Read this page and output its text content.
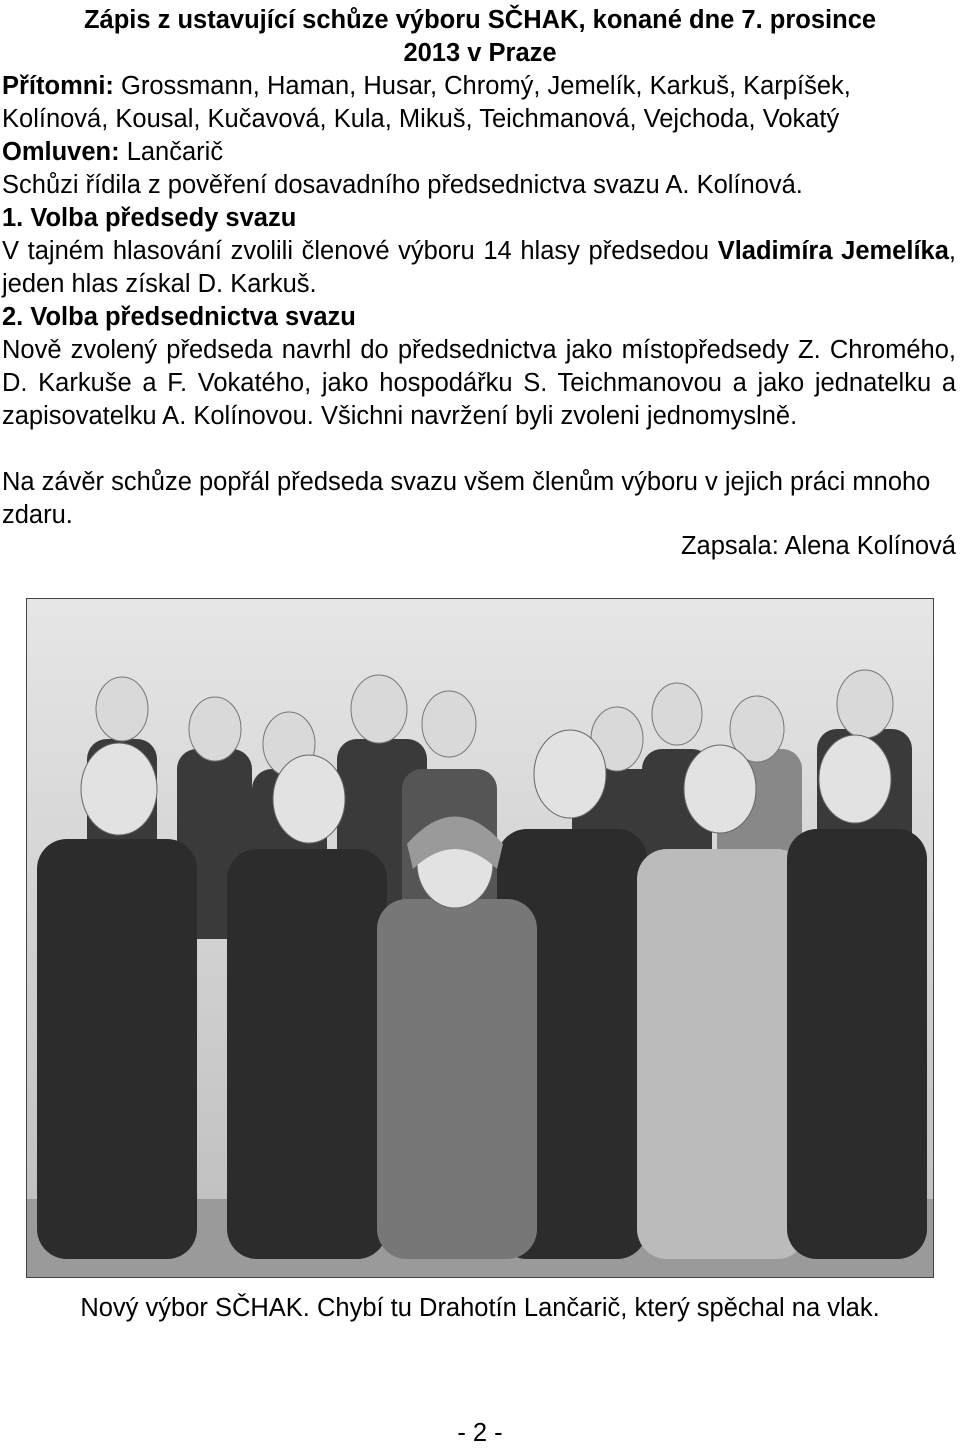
Zápis z ustavující schůze výboru SČHAK, konané dne 7. prosince
2013 v Praze
Přítomni: Grossmann, Haman, Husar, Chromý, Jemelík, Karkuš, Karpíšek, Kolínová, Kousal, Kučavová, Kula, Mikuš, Teichmanová, Vejchoda, Vokatý
Omluven: Lančarič
Schůzi řídila z pověření dosavadního předsednictva svazu A. Kolínová.
1. Volba předsedy svazu
V tajném hlasování zvolili členové výboru 14 hlasy předsedou Vladimíra Jemelíka, jeden hlas získal D. Karkuš.
2. Volba předsednictva svazu
Nově zvolený předseda navrhl do předsednictva jako místopředsedy Z. Chromého, D. Karkuše a F. Vokatého, jako hospodářku S. Teichmanovou a jako jednatelku a zapisovatelku A. Kolínovou. Všichni navržení byli zvoleni jednomyslně.
Na závěr schůze popřál předseda svazu všem členům výboru v jejich práci mnoho zdaru.
Zapsala: Alena Kolínová
Nový výbor SČHAK. Chybí tu Drahotín Lančarič, který spěchal na vlak.
- 2 -
